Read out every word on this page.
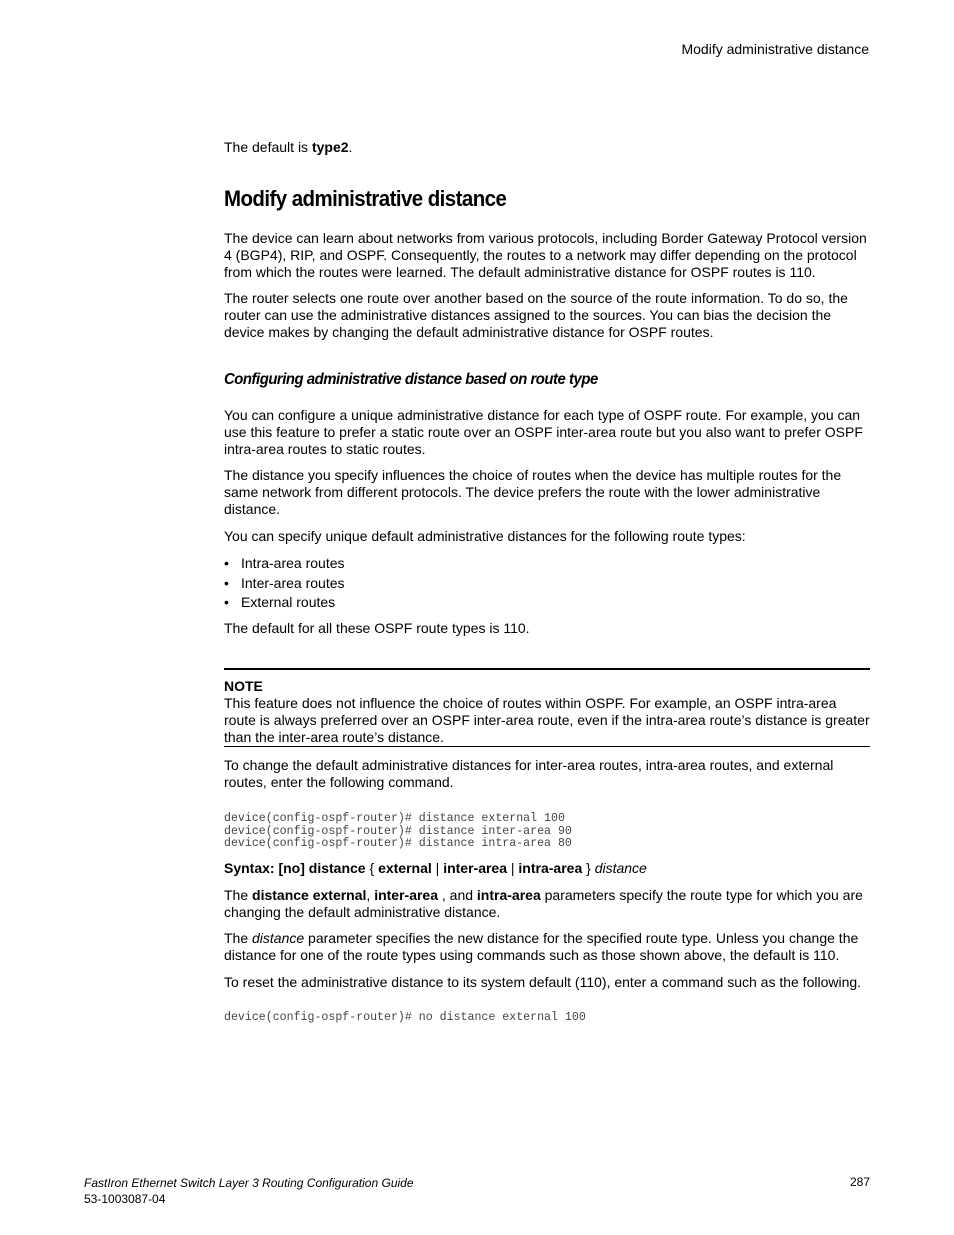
Modify administrative distance

The default is type2.

Modify administrative distance

The device can learn about networks from various protocols, including Border Gateway Protocol version 4 (BGP4), RIP, and OSPF. Consequently, the routes to a network may differ depending on the protocol from which the routes were learned. The default administrative distance for OSPF routes is 110.

The router selects one route over another based on the source of the route information. To do so, the router can use the administrative distances assigned to the sources. You can bias the decision the device makes by changing the default administrative distance for OSPF routes.

Configuring administrative distance based on route type

You can configure a unique administrative distance for each type of OSPF route. For example, you can use this feature to prefer a static route over an OSPF inter-area route but you also want to prefer OSPF intra-area routes to static routes.

The distance you specify influences the choice of routes when the device has multiple routes for the same network from different protocols. The device prefers the route with the lower administrative distance.

You can specify unique default administrative distances for the following route types:

• Intra-area routes
• Inter-area routes
• External routes

The default for all these OSPF route types is 110.

NOTE

This feature does not influence the choice of routes within OSPF. For example, an OSPF intra-area route is always preferred over an OSPF inter-area route, even if the intra-area route’s distance is greater than the inter-area route’s distance.

To change the default administrative distances for inter-area routes, intra-area routes, and external routes, enter the following command.

device(config-ospf-router)# distance external 100
device(config-ospf-router)# distance inter-area 90
device(config-ospf-router)# distance intra-area 80

Syntax: [no] distance { external | inter-area | intra-area } distance

The distance external, inter-area , and intra-area parameters specify the route type for which you are changing the default administrative distance.

The distance parameter specifies the new distance for the specified route type. Unless you change the distance for one of the route types using commands such as those shown above, the default is 110.

To reset the administrative distance to its system default (110), enter a command such as the following.

device(config-ospf-router)# no distance external 100
FastIron Ethernet Switch Layer 3 Routing Configuration Guide
53-1003087-04
287
